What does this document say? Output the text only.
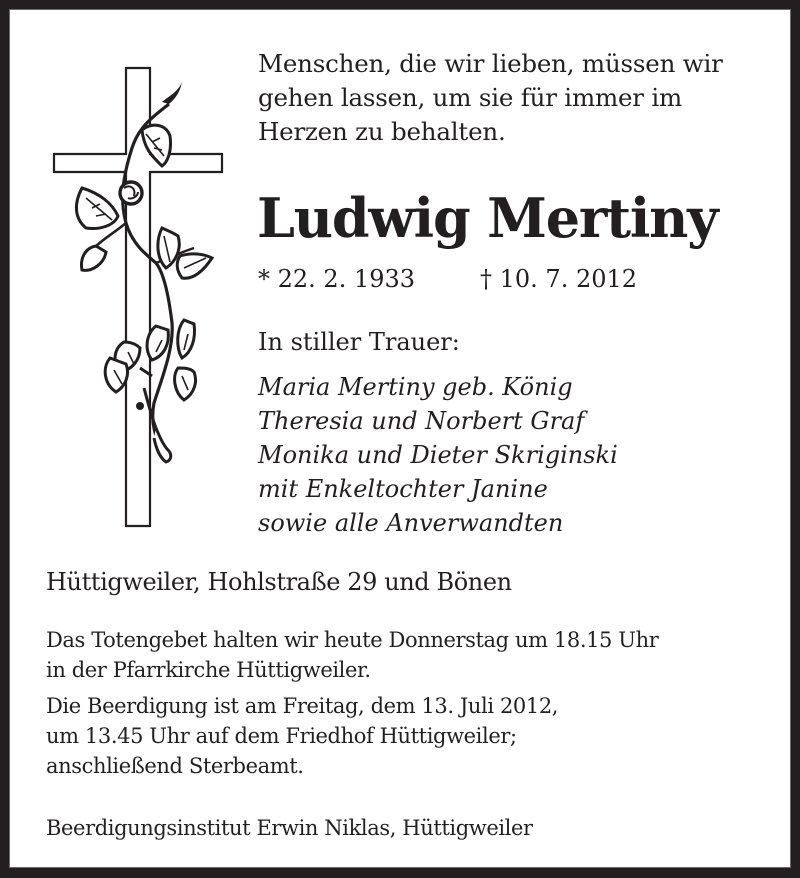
Menschen, die wir lieben, müssen wir
gehen lassen, um sie für immer im
Herzen zu behalten.
Ludwig Mertiny
* 22. 2. 1933	† 10. 7. 2012
In stiller Trauer:
Maria Mertiny geb. König
Theresia und Norbert Graf
Monika und Dieter Skriginski
mit Enkeltochter Janine
sowie alle Anverwandten
Hüttigweiler, Hohlstraße 29 und Bönen
Das Totengebet halten wir heute Donnerstag um 18.15 Uhr
in der Pfarrkirche Hüttigweiler.
Die Beerdigung ist am Freitag, dem 13. Juli 2012,
um 13.45 Uhr auf dem Friedhof Hüttigweiler;
anschließend Sterbeamt.
Beerdigungsinstitut Erwin Niklas, Hüttigweiler
